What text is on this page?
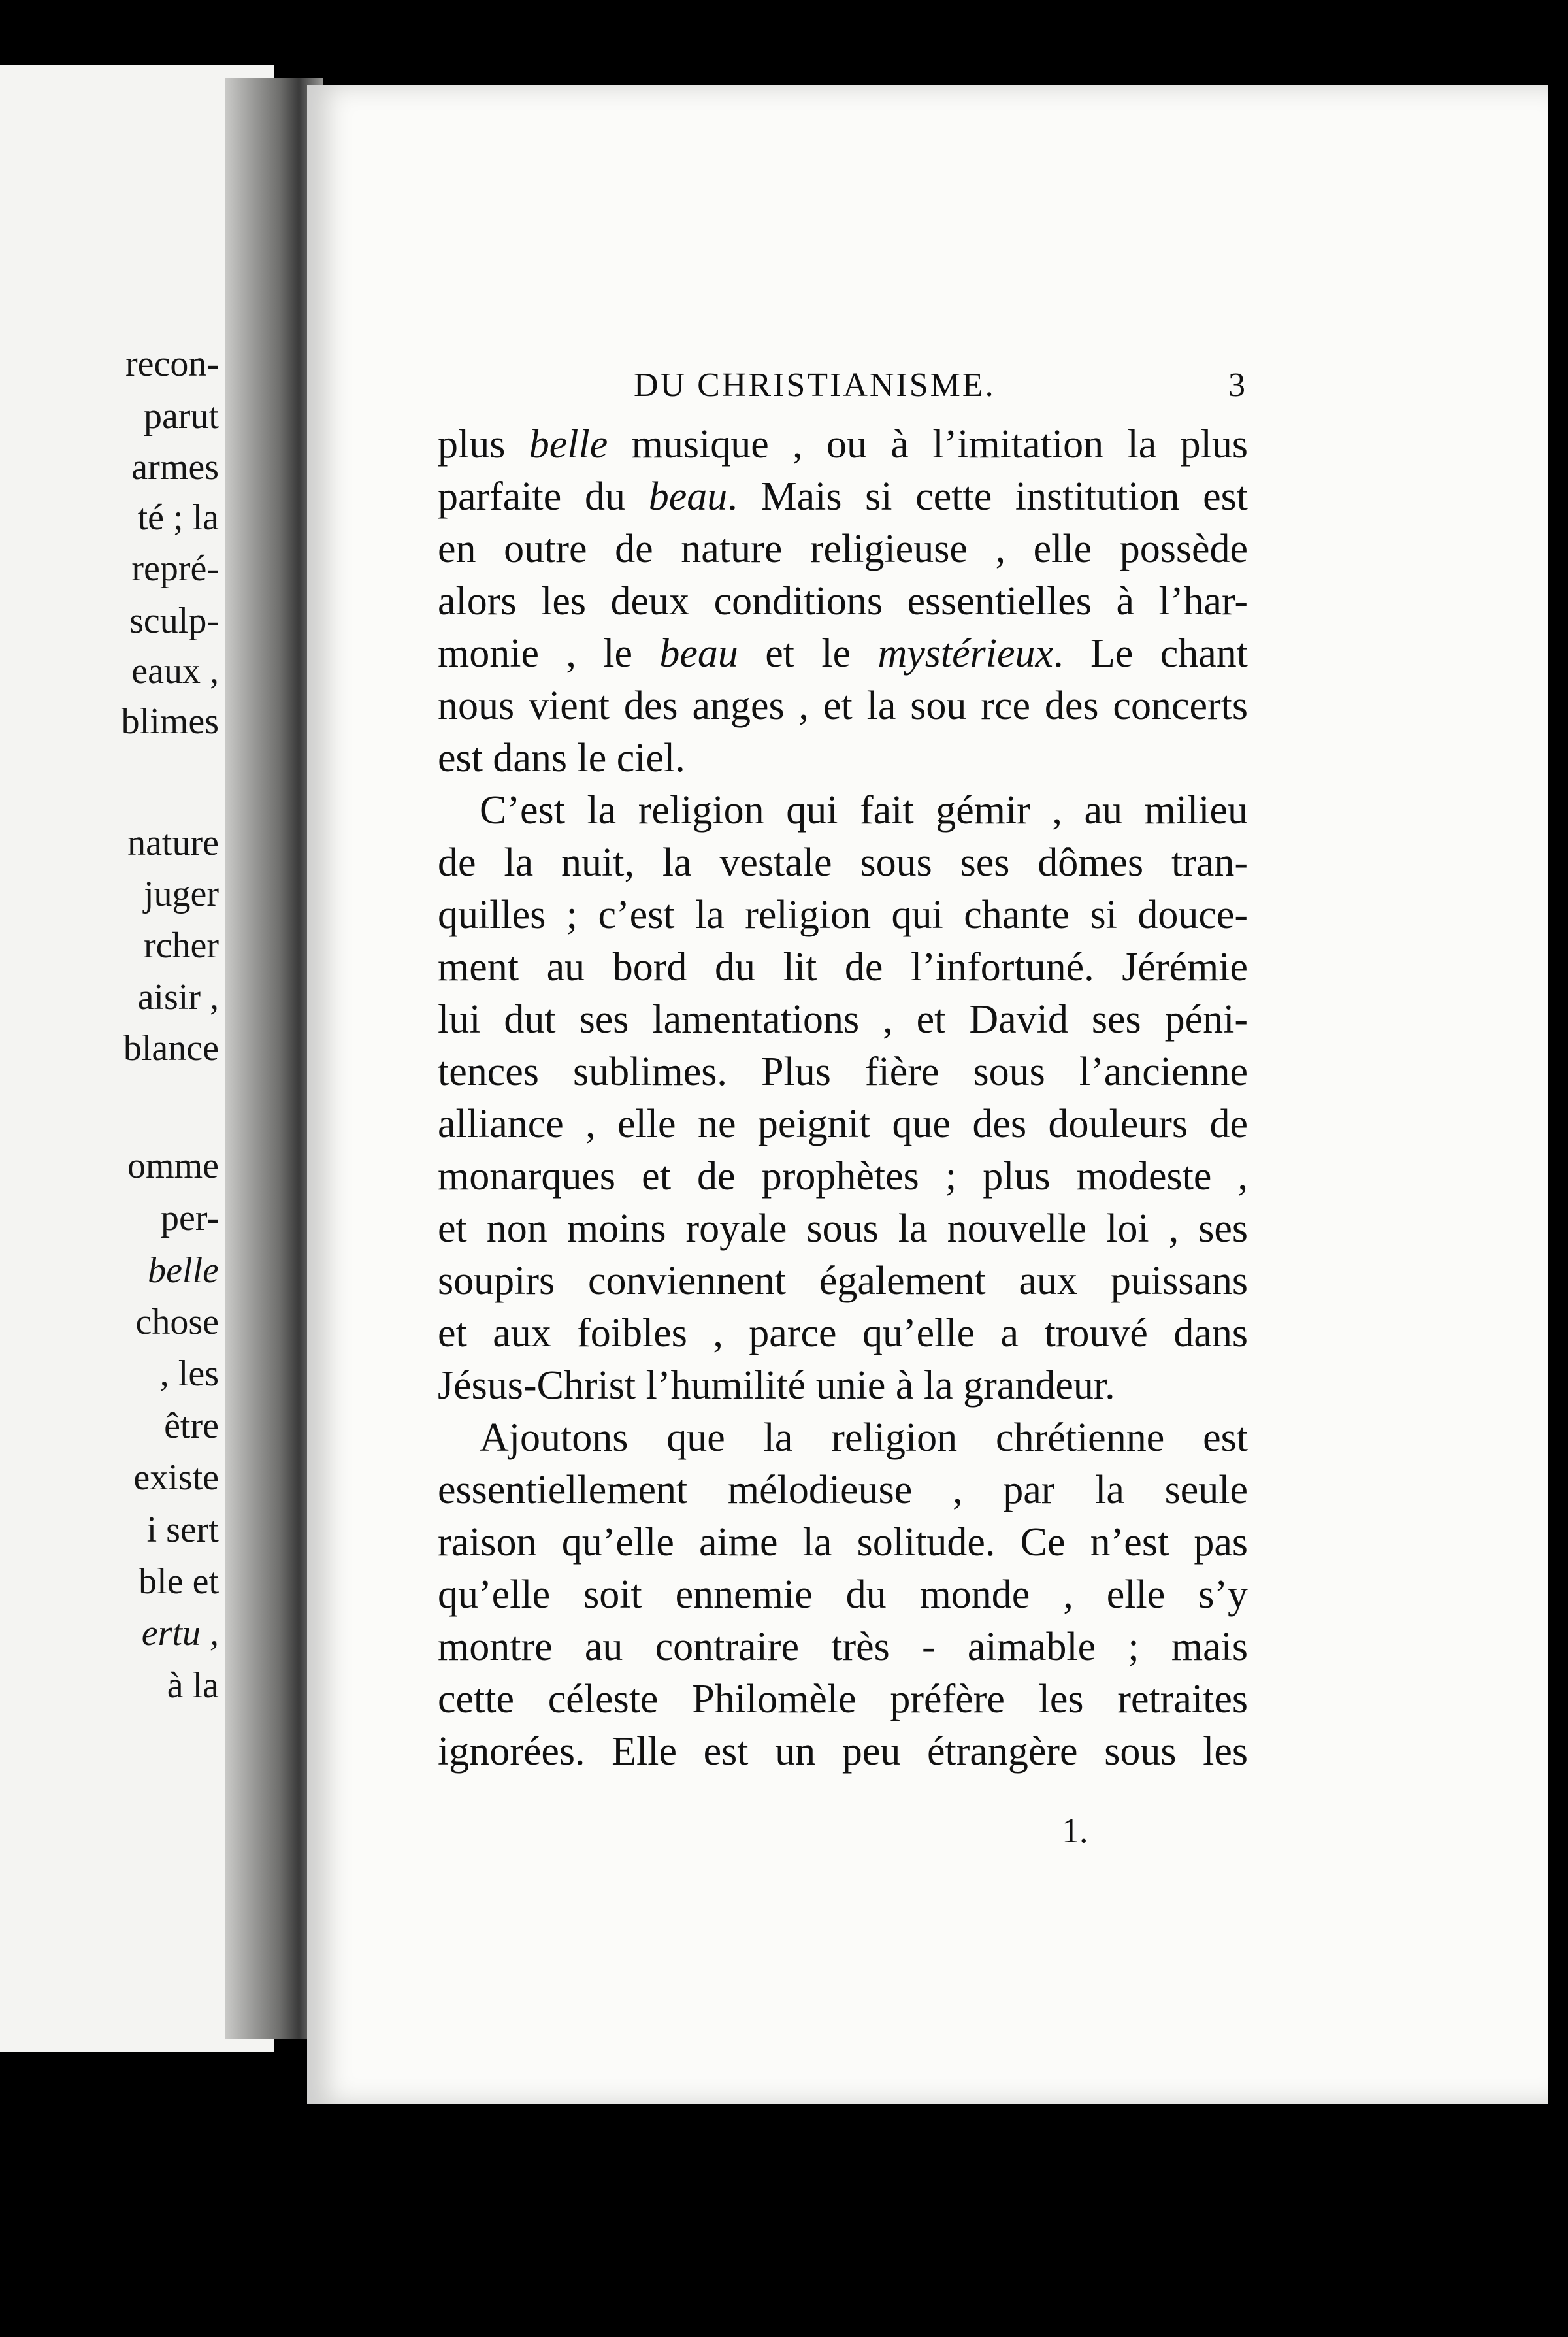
recon-
parut
armes
té ; la
repré-
sculp-
eaux ,
blimes
nature
juger
rcher
aisir ,
blance
omme
per-
belle
chose
, les
être
existe
i sert
ble et
ertu ,
à la
DU CHRISTIANISME.	3
plus belle musique , ou à l’imitation la plus
parfaite du beau. Mais si cette institution est
en outre de nature religieuse , elle possède
alors les deux conditions essentielles à l’har-
monie , le beau et le mystérieux. Le chant
nous vient des anges , et la sou rce des concerts
est dans le ciel.
C’est la religion qui fait gémir , au milieu
de la nuit, la vestale sous ses dômes tran-
quilles ; c’est la religion qui chante si douce-
ment au bord du lit de l’infortuné. Jérémie
lui dut ses lamentations , et David ses péni-
tences sublimes. Plus fière sous l’ancienne
alliance , elle ne peignit que des douleurs de
monarques et de prophètes ; plus modeste ,
et non moins royale sous la nouvelle loi , ses
soupirs conviennent également aux puissans
et aux foibles , parce qu’elle a trouvé dans
Jésus-Christ l’humilité unie à la grandeur.
Ajoutons que la religion chrétienne est
essentiellement mélodieuse , par la seule
raison qu’elle aime la solitude. Ce n’est pas
qu’elle soit ennemie du monde , elle s’y
montre au contraire très - aimable ; mais
cette céleste Philomèle préfère les retraites
ignorées. Elle est un peu étrangère sous les
1.
